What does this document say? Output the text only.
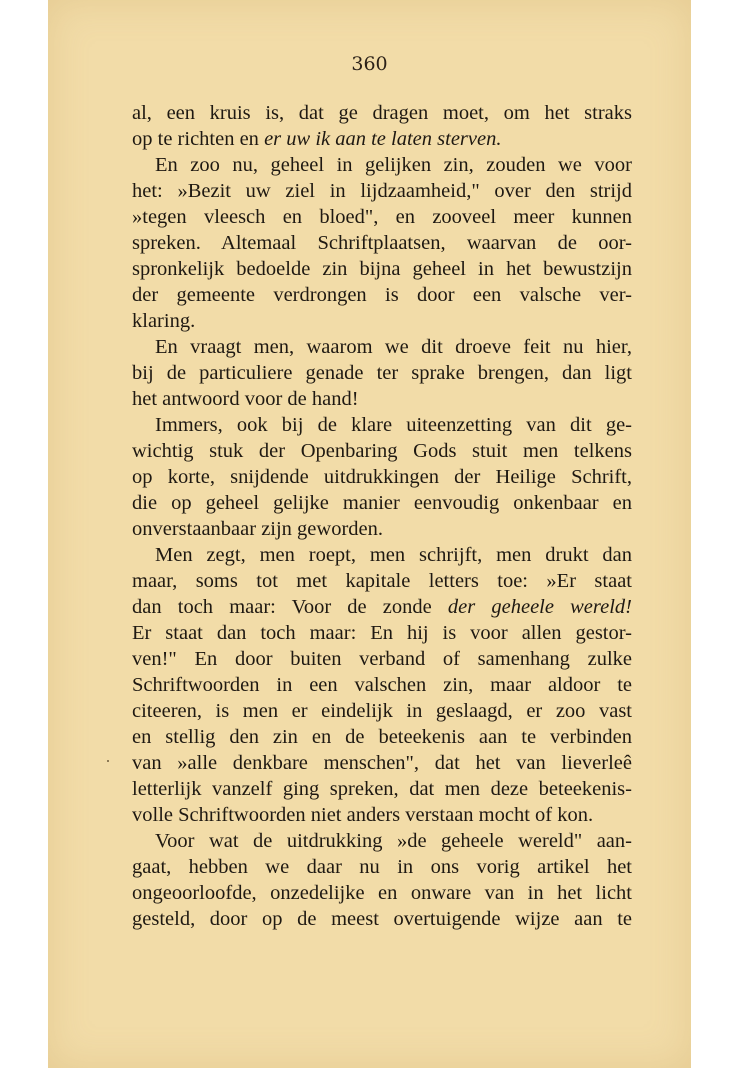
360
al, een kruis is, dat ge dragen moet, om het straks
op te richten en er uw ik aan te laten sterven.
En zoo nu, geheel in gelijken zin, zouden we voor
het: »Bezit uw ziel in lijdzaamheid," over den strijd
»tegen vleesch en bloed", en zooveel meer kunnen
spreken. Altemaal Schriftplaatsen, waarvan de oor-
spronkelijk bedoelde zin bijna geheel in het bewustzijn
der gemeente verdrongen is door een valsche ver-
klaring.
En vraagt men, waarom we dit droeve feit nu hier,
bij de particuliere genade ter sprake brengen, dan ligt
het antwoord voor de hand!
Immers, ook bij de klare uiteenzetting van dit ge-
wichtig stuk der Openbaring Gods stuit men telkens
op korte, snijdende uitdrukkingen der Heilige Schrift,
die op geheel gelijke manier eenvoudig onkenbaar en
onverstaanbaar zijn geworden.
Men zegt, men roept, men schrijft, men drukt dan
maar, soms tot met kapitale letters toe: »Er staat
dan toch maar: Voor de zonde der geheele wereld!
Er staat dan toch maar: En hij is voor allen gestor-
ven!" En door buiten verband of samenhang zulke
Schriftwoorden in een valschen zin, maar aldoor te
citeeren, is men er eindelijk in geslaagd, er zoo vast
en stellig den zin en de beteekenis aan te verbinden
van »alle denkbare menschen", dat het van lieverleê
letterlijk vanzelf ging spreken, dat men deze beteekenis-
volle Schriftwoorden niet anders verstaan mocht of kon.
Voor wat de uitdrukking »de geheele wereld" aan-
gaat, hebben we daar nu in ons vorig artikel het
ongeoorloofde, onzedelijke en onware van in het licht
gesteld, door op de meest overtuigende wijze aan te
